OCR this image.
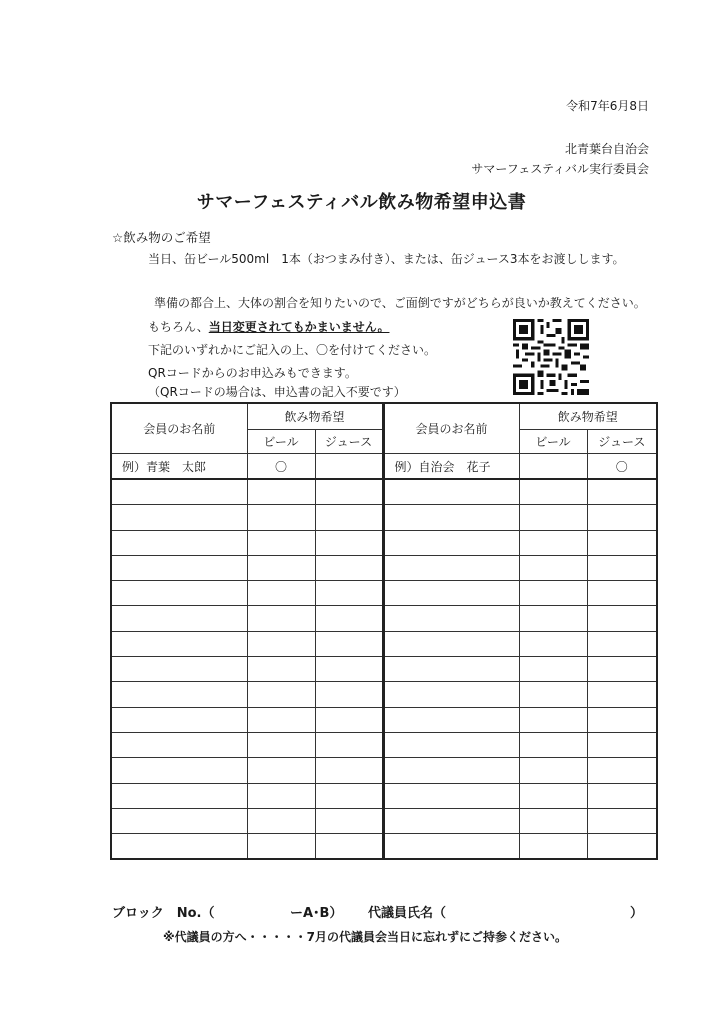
令和7年6月8日
北青葉台自治会
サマーフェスティバル実行委員会
サマーフェスティバル飲み物希望申込書
☆飲み物のご希望
当日、缶ビール500ml　1本（おつまみ付き）、または、缶ジュース3本をお渡しします。
準備の都合上、大体の割合を知りたいので、ご面倒ですがどちらが良いか教えてください。
もちろん、当日変更されてもかまいません。
下記のいずれかにご記入の上、〇を付けてください。
QRコードからのお申込みもできます。
（QRコードの場合は、申込書の記入不要です）
会員のお名前	飲み物希望		会員のお名前	飲み物希望	
	ビール	ジュース		ビール	ジュース
例）青葉　太郎	〇		例）自治会　花子		〇

ブロック　No.（	ーA･B） 代議員氏名（	）
※代議員の方へ・・・・・7月の代議員会当日に忘れずにご持参ください。
